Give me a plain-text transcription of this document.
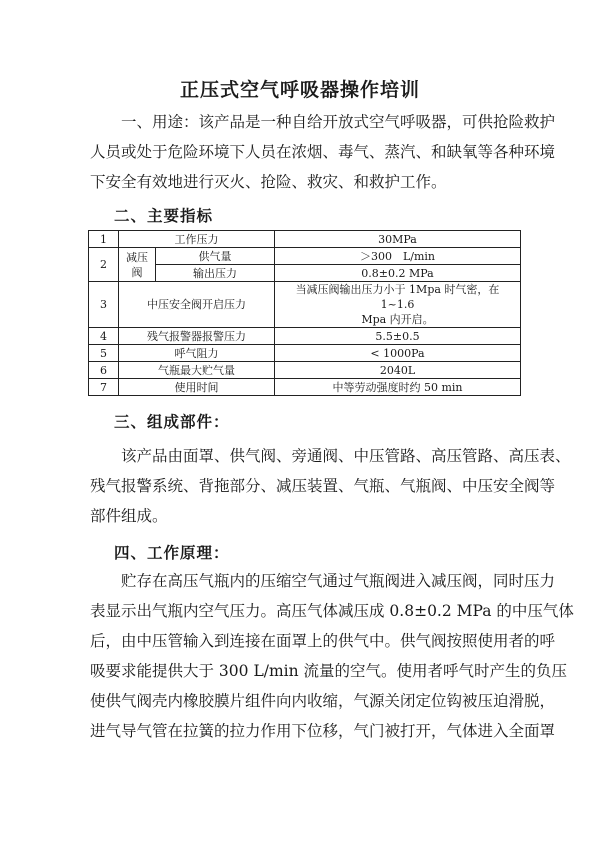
正压式空气呼吸器操作培训

一、用途：该产品是一种自给开放式空气呼吸器，可供抢险救护
人员或处于危险环境下人员在浓烟、毒气、蒸汽、和缺氧等各种环境
下安全有效地进行灭火、抢险、救灾、和救护工作。

二、主要指标
1	工作压力		30MPa
2	减压阀	供气量	＞300　L/min
		输出压力	0.8±0.2 MPa
3	中压安全阀开启压力		当减压阀输出压力小于 1Mpa 时气密，在 1~1.6
Mpa 内开启。

4	残气报警器报警压力		5.5±0.5
5	呼气阻力		< 1000Pa
6	气瓶最大贮气量		2040L
7	使用时间		中等劳动强度时约 50 min
三、组成部件：

该产品由面罩、供气阀、旁通阀、中压管路、高压管路、高压表、
残气报警系统、背拖部分、减压装置、气瓶、气瓶阀、中压安全阀等
部件组成。

四、工作原理：

贮存在高压气瓶内的压缩空气通过气瓶阀进入减压阀，同时压力
表显示出气瓶内空气压力。高压气体减压成 0.8±0.2 MPa 的中压气体
后，由中压管输入到连接在面罩上的供气中。供气阀按照使用者的呼
吸要求能提供大于 300 L/min 流量的空气。使用者呼气时产生的负压
使供气阀壳内橡胶膜片组件向内收缩，气源关闭定位钩被压迫滑脱，
进气导气管在拉簧的拉力作用下位移，气门被打开，气体进入全面罩
